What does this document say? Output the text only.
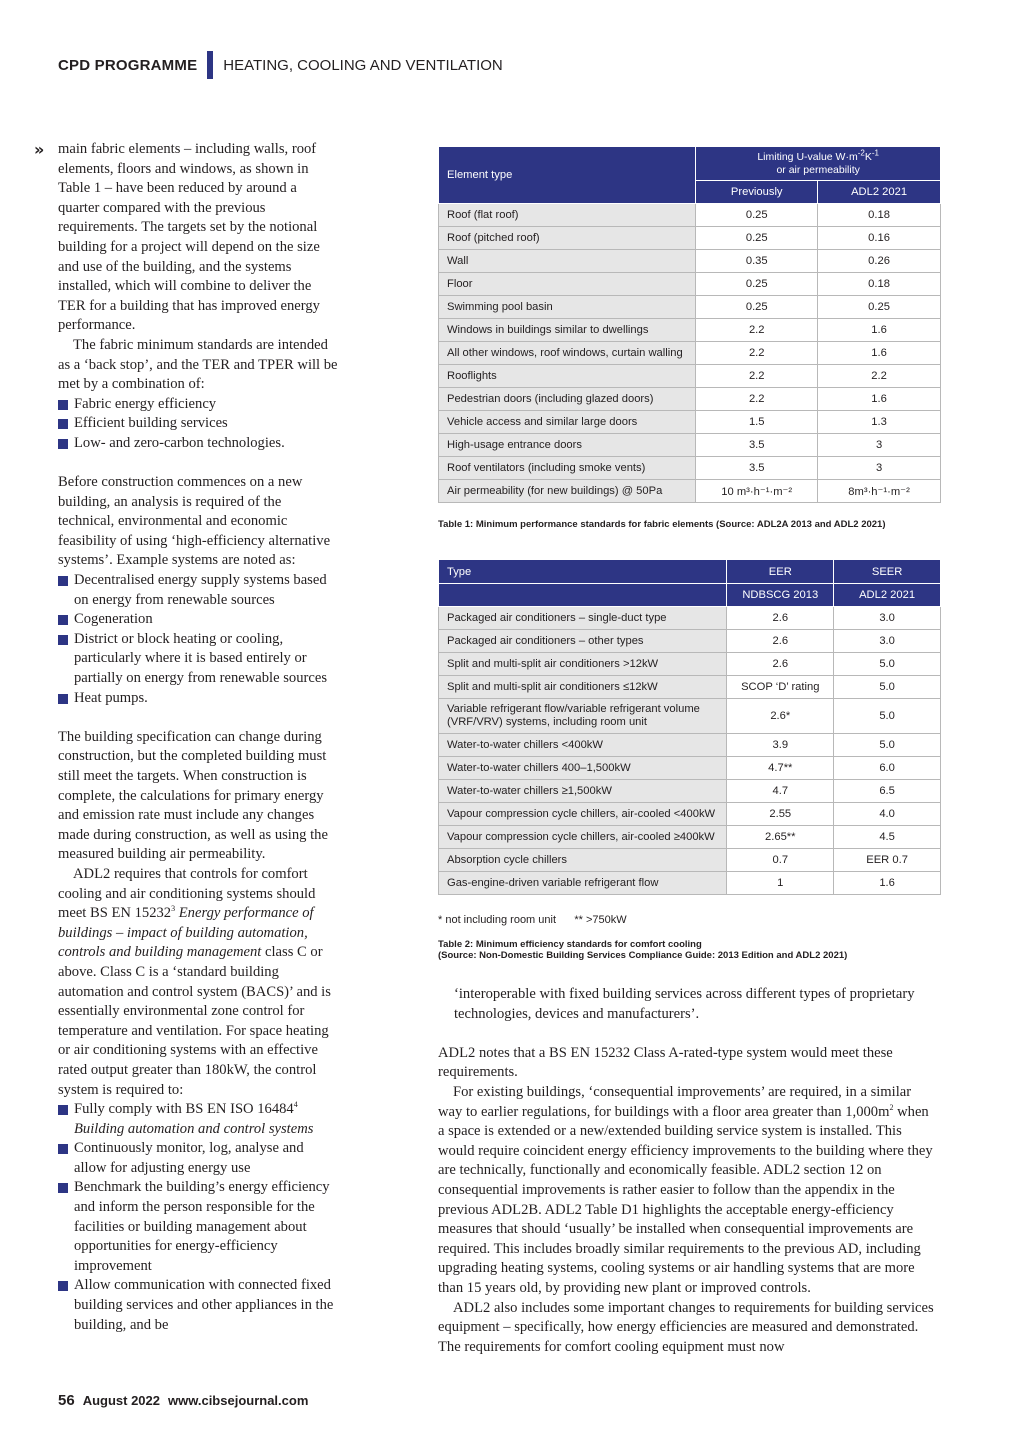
CPD PROGRAMME HEATING, COOLING AND VENTILATION
» main fabric elements – including walls, roof elements, floors and windows, as shown in Table 1 – have been reduced by around a quarter compared with the previous requirements. The targets set by the notional building for a project will depend on the size and use of the building, and the systems installed, which will combine to deliver the TER for a building that has improved energy performance.

The fabric minimum standards are intended as a ‘back stop’, and the TER and TPER will be met by a combination of:

Fabric energy efficiency
Efficient building services
Low- and zero-carbon technologies.

Before construction commences on a new building, an analysis is required of the technical, environmental and economic feasibility of using ‘high-efficiency alternative systems’. Example systems are noted as:

Decentralised energy supply systems based on energy from renewable sources
Cogeneration
District or block heating or cooling, particularly where it is based entirely or partially on energy from renewable sources
Heat pumps.

The building specification can change during construction, but the completed building must still meet the targets. When construction is complete, the calculations for primary energy and emission rate must include any changes made during construction, as well as using the measured building air permeability.

ADL2 requires that controls for comfort cooling and air conditioning systems should meet BS EN 15232$^3$ Energy performance of buildings – impact of building automation, controls and building management class C or above. Class C is a ‘standard building automation and control system (BACS)’ and is essentially environmental zone control for temperature and ventilation. For space heating or air conditioning systems with an effective rated output greater than 180kW, the control system is required to:

Fully comply with BS EN ISO 16484$^4$
Building automation and control systems
Continuously monitor, log, analyse and allow for adjusting energy use
Benchmark the building’s energy efficiency and inform the person responsible for the facilities or building management about opportunities for energy-efficiency improvement
Allow communication with connected fixed building services and other appliances in the building, and be
Element type	Limiting U-value $W\cdot m^{-2}K^{-1}$
or air permeability	
	Previously	ADL2 2021
Roof (flat roof)	0.25	0.18
Roof (pitched roof)	0.25	0.16
Wall	0.35	0.26
Floor	0.25	0.18
Swimming pool basin	0.25	0.25
Windows in buildings similar to dwellings	2.2	1.6
All other windows, roof windows, curtain walling	2.2	1.6
Rooflights	2.2	2.2
Pedestrian doors (including glazed doors)	2.2	1.6
Vehicle access and similar large doors	1.5	1.3
High-usage entrance doors	3.5	3
Roof ventilators (including smoke vents)	3.5	3
Air permeability (for new buildings) @ 50Pa	10 m³·h⁻¹·m⁻²	8m³·h⁻¹·m⁻²
Table 1: Minimum performance standards for fabric elements (Source: ADL2A 2013 and ADL2 2021)
Type	EER	SEER
	NDBSCG 2013	ADL2 2021
Packaged air conditioners – single-duct type	2.6	3.0
Packaged air conditioners – other types	2.6	3.0
Split and multi-split air conditioners >12kW	2.6	5.0
Split and multi-split air conditioners ≤12kW	SCOP ‘D’ rating	5.0
Variable refrigerant flow/variable refrigerant volume (VRF/VRV) systems, including room unit	2.6*	5.0
Water-to-water chillers <400kW	3.9	5.0
Water-to-water chillers 400–1,500kW	4.7**	6.0
Water-to-water chillers ≥1,500kW	4.7	6.5
Vapour compression cycle chillers, air-cooled <400kW	2.55	4.0
Vapour compression cycle chillers, air-cooled ≥400kW	2.65**	4.5
Absorption cycle chillers	0.7	EER 0.7
Gas-engine-driven variable refrigerant flow	1	1.6
* not including room unit      ** >750kW
Table 2: Minimum efficiency standards for comfort cooling
(Source: Non-Domestic Building Services Compliance Guide: 2013 Edition and ADL2 2021)

‘interoperable with fixed building services across different types of proprietary technologies, devices and manufacturers’.

ADL2 notes that a BS EN 15232 Class A-rated-type system would meet these requirements.

For existing buildings, ‘consequential improvements’ are required, in a similar way to earlier regulations, for buildings with a floor area greater than $1,000m^2$ when a space is extended or a new/extended building service system is installed. This would require coincident energy efficiency improvements to the building where they are technically, functionally and economically feasible. ADL2 section 12 on consequential improvements is rather easier to follow than the appendix in the previous ADL2B. ADL2 Table D1 highlights the acceptable energy-efficiency measures that should ‘usually’ be installed when consequential improvements are required. This includes broadly similar requirements to the previous AD, including upgrading heating systems, cooling systems or air handling systems that are more than 15 years old, by providing new plant or improved controls.

ADL2 also includes some important changes to requirements for building services equipment – specifically, how energy efficiencies are measured and demonstrated. The requirements for comfort cooling equipment must now

56 August 2022 www.cibsejournal.com
